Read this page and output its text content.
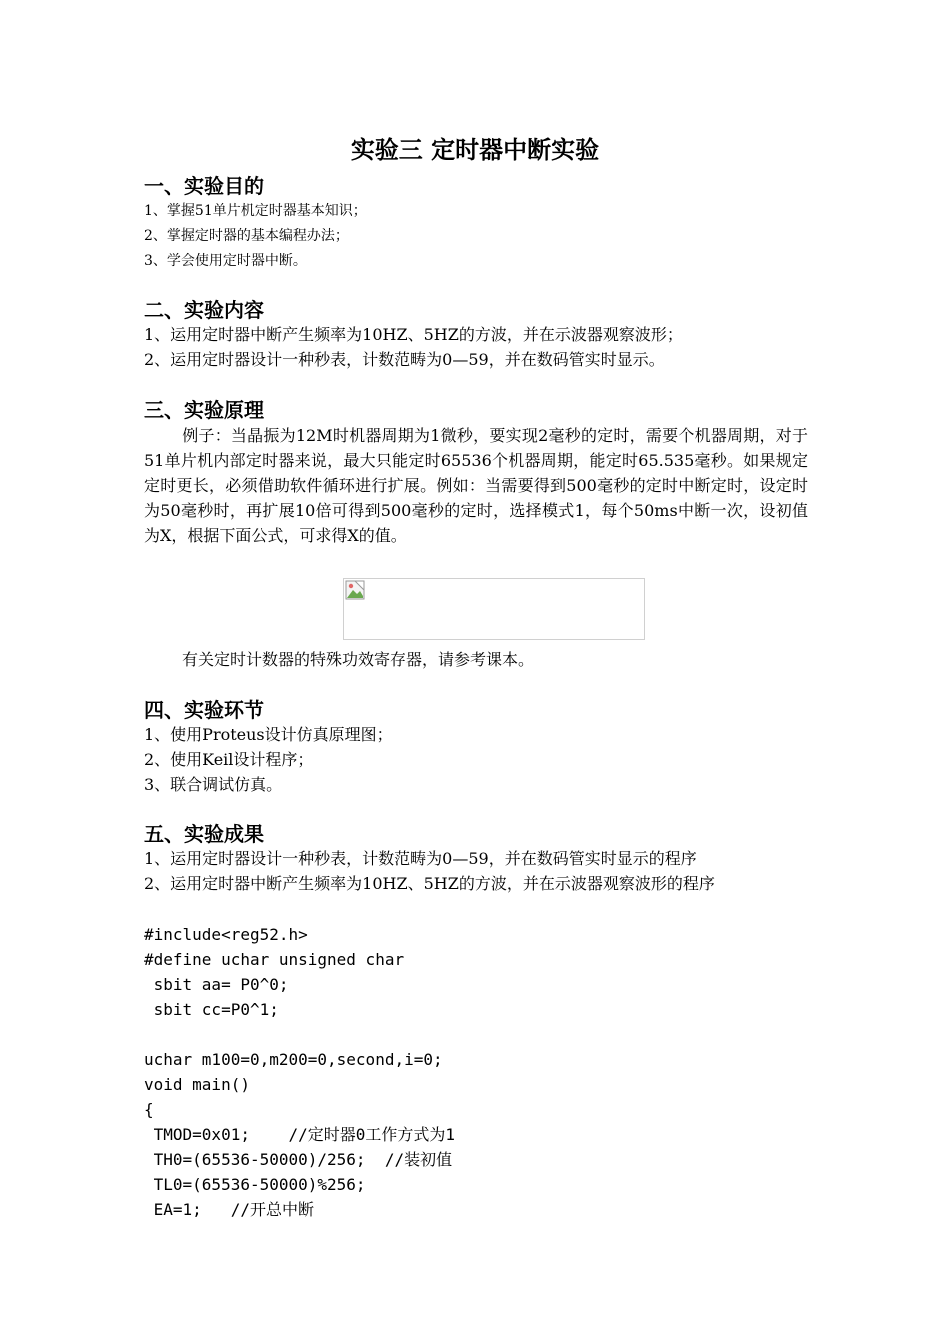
实验三 定时器中断实验
一、实验目的
1、掌握51单片机定时器基本知识；
2、掌握定时器的基本编程办法；
3、学会使用定时器中断。
二、实验内容
1、运用定时器中断产生频率为10HZ、5HZ的方波，并在示波器观察波形；
2、运用定时器设计一种秒表，计数范畴为0—59，并在数码管实时显示。
三、实验原理
例子：当晶振为12M时机器周期为1微秒，要实现2毫秒的定时，需要个机器周期，对于51单片机内部定时器来说，最大只能定时65536个机器周期，能定时65.535毫秒。如果规定定时更长，必须借助软件循环进行扩展。例如：当需要得到500毫秒的定时中断定时，设定时为50毫秒时，再扩展10倍可得到500毫秒的定时，选择模式1，每个50ms中断一次，设初值为X，根据下面公式，可求得X的值。
有关定时计数器的特殊功效寄存器，请参考课本。
四、实验环节
1、使用Proteus设计仿真原理图；
2、使用Keil设计程序；
3、联合调试仿真。
五、实验成果
1、运用定时器设计一种秒表，计数范畴为0—59，并在数码管实时显示的程序
2、运用定时器中断产生频率为10HZ、5HZ的方波，并在示波器观察波形的程序
#include<reg52.h>
#define uchar unsigned char
sbit aa= P0^0;
sbit cc=P0^1;
uchar m100=0,m200=0,second,i=0;
void main()
{
TMOD=0x01;    //定时器0工作方式为1
TH0=(65536-50000)/256;  //装初值
TL0=(65536-50000)%256;
EA=1;   //开总中断
